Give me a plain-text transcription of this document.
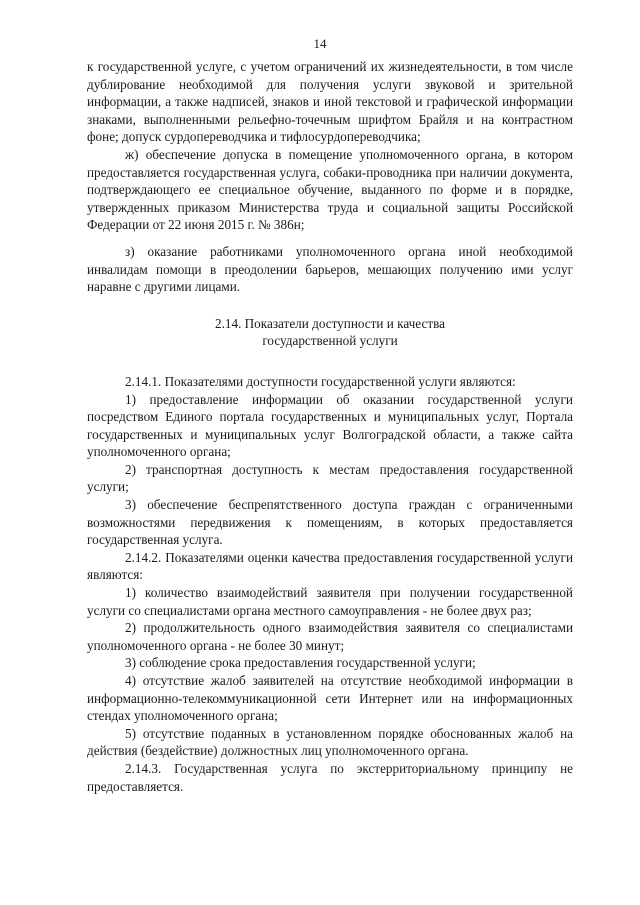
14

к государственной услуге, с учетом ограничений их жизнедеятельности, в том числе дублирование необходимой для получения услуги звуковой и зрительной информации, а также надписей, знаков и иной текстовой и графической информации знаками, выполненными рельефно-точечным шрифтом Брайля и на контрастном фоне; допуск сурдопереводчика и тифлосурдопереводчика;

ж) обеспечение допуска в помещение уполномоченного органа, в котором предоставляется государственная услуга, собаки-проводника при наличии документа, подтверждающего ее специальное обучение, выданного по форме и в порядке, утвержденных приказом Министерства труда и социальной защиты Российской Федерации от 22 июня 2015 г. № 386н;

з) оказание работниками уполномоченного органа иной необходимой инвалидам помощи в преодолении барьеров, мешающих получению ими услуг наравне с другими лицами.

2.14. Показатели доступности и качества
государственной услуги

2.14.1. Показателями доступности государственной услуги являются:

1) предоставление информации об оказании государственной услуги посредством Единого портала государственных и муниципальных услуг, Портала государственных и муниципальных услуг Волгоградской области, а также сайта уполномоченного органа;

2) транспортная доступность к местам предоставления государственной услуги;

3) обеспечение беспрепятственного доступа граждан с ограниченными возможностями передвижения к помещениям, в которых предоставляется государственная услуга.

2.14.2. Показателями оценки качества предоставления государственной услуги являются:

1) количество взаимодействий заявителя при получении государственной услуги со специалистами органа местного самоуправления - не более двух раз;

2) продолжительность одного взаимодействия заявителя со специалистами уполномоченного органа - не более 30 минут;

3) соблюдение срока предоставления государственной услуги;

4) отсутствие жалоб заявителей на отсутствие необходимой информации в информационно-телекоммуникационной сети Интернет или на информационных стендах уполномоченного органа;

5) отсутствие поданных в установленном порядке обоснованных жалоб на действия (бездействие) должностных лиц уполномоченного органа.

2.14.3. Государственная услуга по экстерриториальному принципу не предоставляется.
